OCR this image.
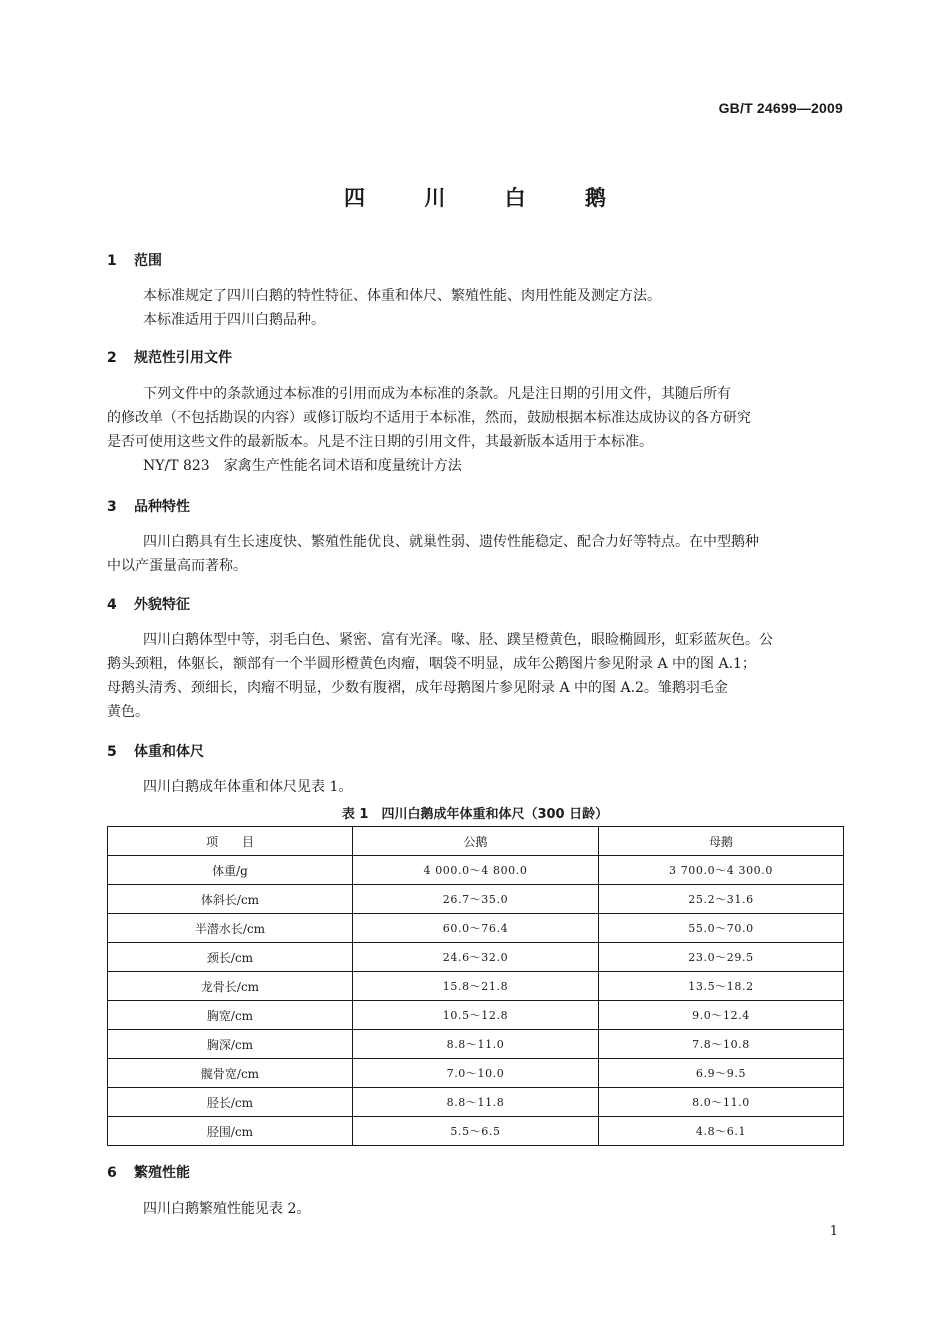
GB/T 24699—2009
四 川 白 鹅
1 范围
本标准规定了四川白鹅的特性特征、体重和体尺、繁殖性能、肉用性能及测定方法。
本标准适用于四川白鹅品种。
2 规范性引用文件
下列文件中的条款通过本标准的引用而成为本标准的条款。凡是注日期的引用文件，其随后所有
的修改单（不包括勘误的内容）或修订版均不适用于本标准，然而，鼓励根据本标准达成协议的各方研究
是否可使用这些文件的最新版本。凡是不注日期的引用文件，其最新版本适用于本标准。
NY/T 823　家禽生产性能名词术语和度量统计方法
3 品种特性
四川白鹅具有生长速度快、繁殖性能优良、就巢性弱、遗传性能稳定、配合力好等特点。在中型鹅种
中以产蛋量高而著称。
4 外貌特征
四川白鹅体型中等，羽毛白色、紧密、富有光泽。喙、胫、蹼呈橙黄色，眼睑椭圆形，虹彩蓝灰色。公
鹅头颈粗，体躯长，额部有一个半圆形橙黄色肉瘤，咽袋不明显，成年公鹅图片参见附录 A 中的图 A.1；
母鹅头清秀、颈细长，肉瘤不明显，少数有腹褶，成年母鹅图片参见附录 A 中的图 A.2。雏鹅羽毛金
黄色。
5 体重和体尺
四川白鹅成年体重和体尺见表 1。
表 1　四川白鹅成年体重和体尺（300 日龄）
项　　目	公鹅	母鹅
体重/g	4 000.0～4 800.0	3 700.0～4 300.0
体斜长/cm	26.7～35.0	25.2～31.6
半潜水长/cm	60.0～76.4	55.0～70.0
颈长/cm	24.6～32.0	23.0～29.5
龙骨长/cm	15.8～21.8	13.5～18.2
胸宽/cm	10.5～12.8	9.0～12.4
胸深/cm	8.8～11.0	7.8～10.8
髋骨宽/cm	7.0～10.0	6.9～9.5
胫长/cm	8.8～11.8	8.0～11.0
胫围/cm	5.5～6.5	4.8～6.1
6 繁殖性能
四川白鹅繁殖性能见表 2。
1
